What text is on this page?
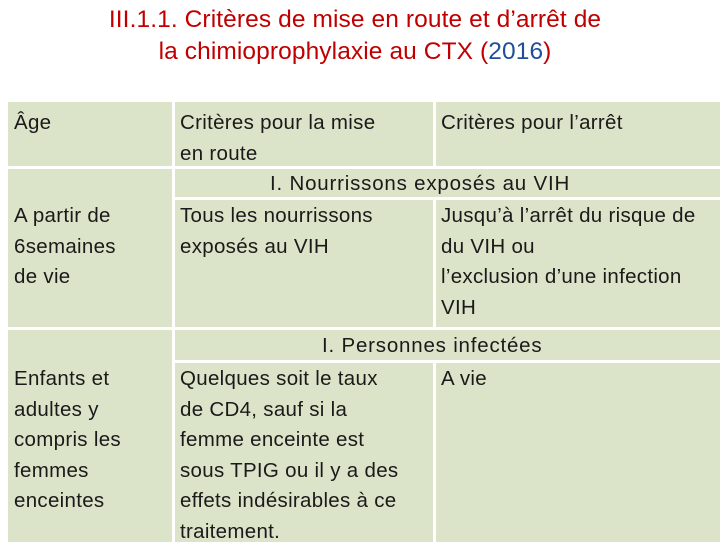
III.1.1. Critères de mise en route et d’arrêt de
la chimioprophylaxie au CTX (2016)
Âge	Critères pour la mise
en route
Critères pour l’arrêt
I. Nourrissons exposés au VIH
A partir de
6semaines
de vie
Tous les nourrissons
exposés au VIH
Jusqu’à l’arrêt du risque de
du VIH ou
l’exclusion d’une infection
VIH
I. Personnes infectées
Enfants et
adultes y
compris les
femmes
enceintes
Quelques soit le taux
de CD4, sauf si la
femme enceinte est
sous TPIG ou il y a des
effets indésirables à ce
traitement.
A vie
